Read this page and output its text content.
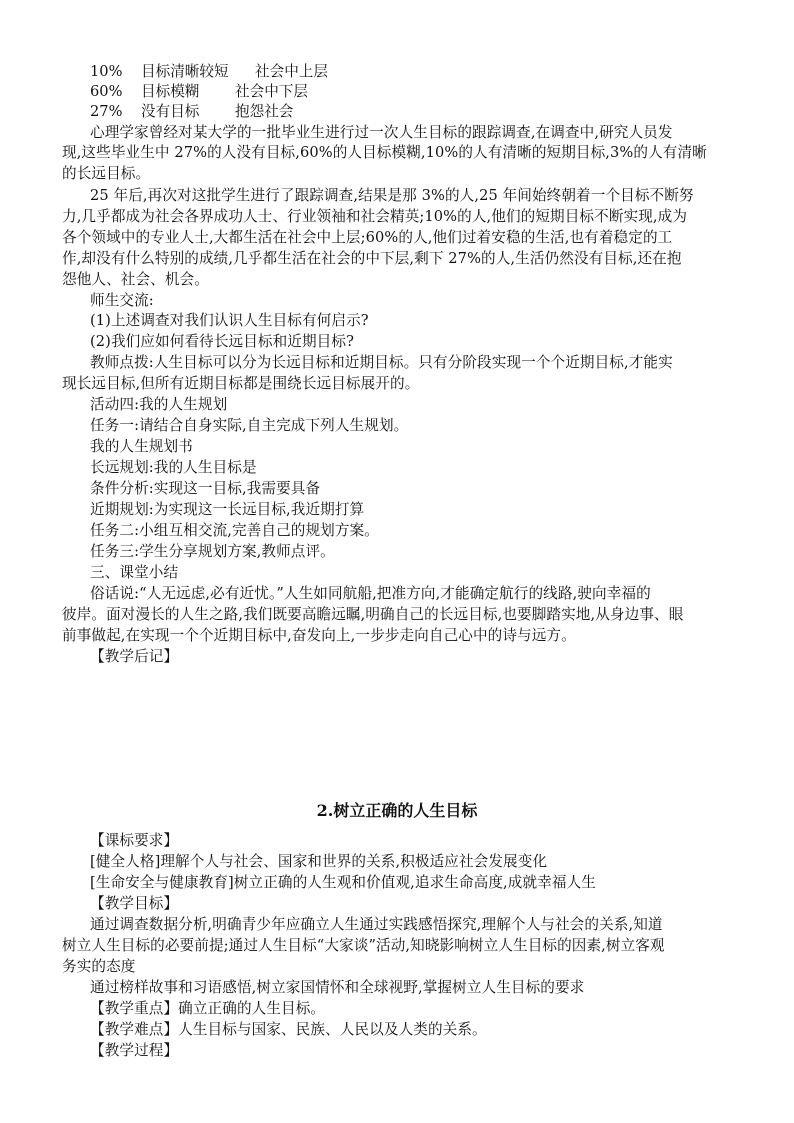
10% 目标清晰较短 社会中上层
60% 目标模糊 社会中下层
27% 没有目标 抱怨社会
心理学家曾经对某大学的一批毕业生进行过一次人生目标的跟踪调查,在调查中,研究人员发
现,这些毕业生中 27%的人没有目标,60%的人目标模糊,10%的人有清晰的短期目标,3%的人有清晰
的长远目标。
25 年后,再次对这批学生进行了跟踪调查,结果是那 3%的人,25 年间始终朝着一个目标不断努
力,几乎都成为社会各界成功人士、行业领袖和社会精英;10%的人,他们的短期目标不断实现,成为
各个领域中的专业人士,大都生活在社会中上层;60%的人,他们过着安稳的生活,也有着稳定的工
作,却没有什么特别的成绩,几乎都生活在社会的中下层,剩下 27%的人,生活仍然没有目标,还在抱
怨他人、社会、机会。
师生交流:
(1)上述调查对我们认识人生目标有何启示?
(2)我们应如何看待长远目标和近期目标?
教师点拨:人生目标可以分为长远目标和近期目标。只有分阶段实现一个个近期目标,才能实
现长远目标,但所有近期目标都是围绕长远目标展开的。
活动四:我的人生规划
任务一:请结合自身实际,自主完成下列人生规划。
我的人生规划书
长远规划:我的人生目标是
条件分析:实现这一目标,我需要具备
近期规划:为实现这一长远目标,我近期打算
任务二:小组互相交流,完善自己的规划方案。
任务三:学生分享规划方案,教师点评。
三、课堂小结
俗话说:“人无远虑,必有近忧。”人生如同航船,把准方向,才能确定航行的线路,驶向幸福的
彼岸。面对漫长的人生之路,我们既要高瞻远瞩,明确自己的长远目标,也要脚踏实地,从身边事、眼
前事做起,在实现一个个近期目标中,奋发向上,一步步走向自己心中的诗与远方。
【教学后记】
2.树立正确的人生目标
【课标要求】
[健全人格]理解个人与社会、国家和世界的关系,积极适应社会发展变化
[生命安全与健康教育]树立正确的人生观和价值观,追求生命高度,成就幸福人生
【教学目标】
通过调查数据分析,明确青少年应确立人生通过实践感悟探究,理解个人与社会的关系,知道
树立人生目标的必要前提;通过人生目标“大家谈”活动,知晓影响树立人生目标的因素,树立客观
务实的态度
通过榜样故事和习语感悟,树立家国情怀和全球视野,掌握树立人生目标的要求
【教学重点】确立正确的人生目标。
【教学难点】人生目标与国家、民族、人民以及人类的关系。
【教学过程】
